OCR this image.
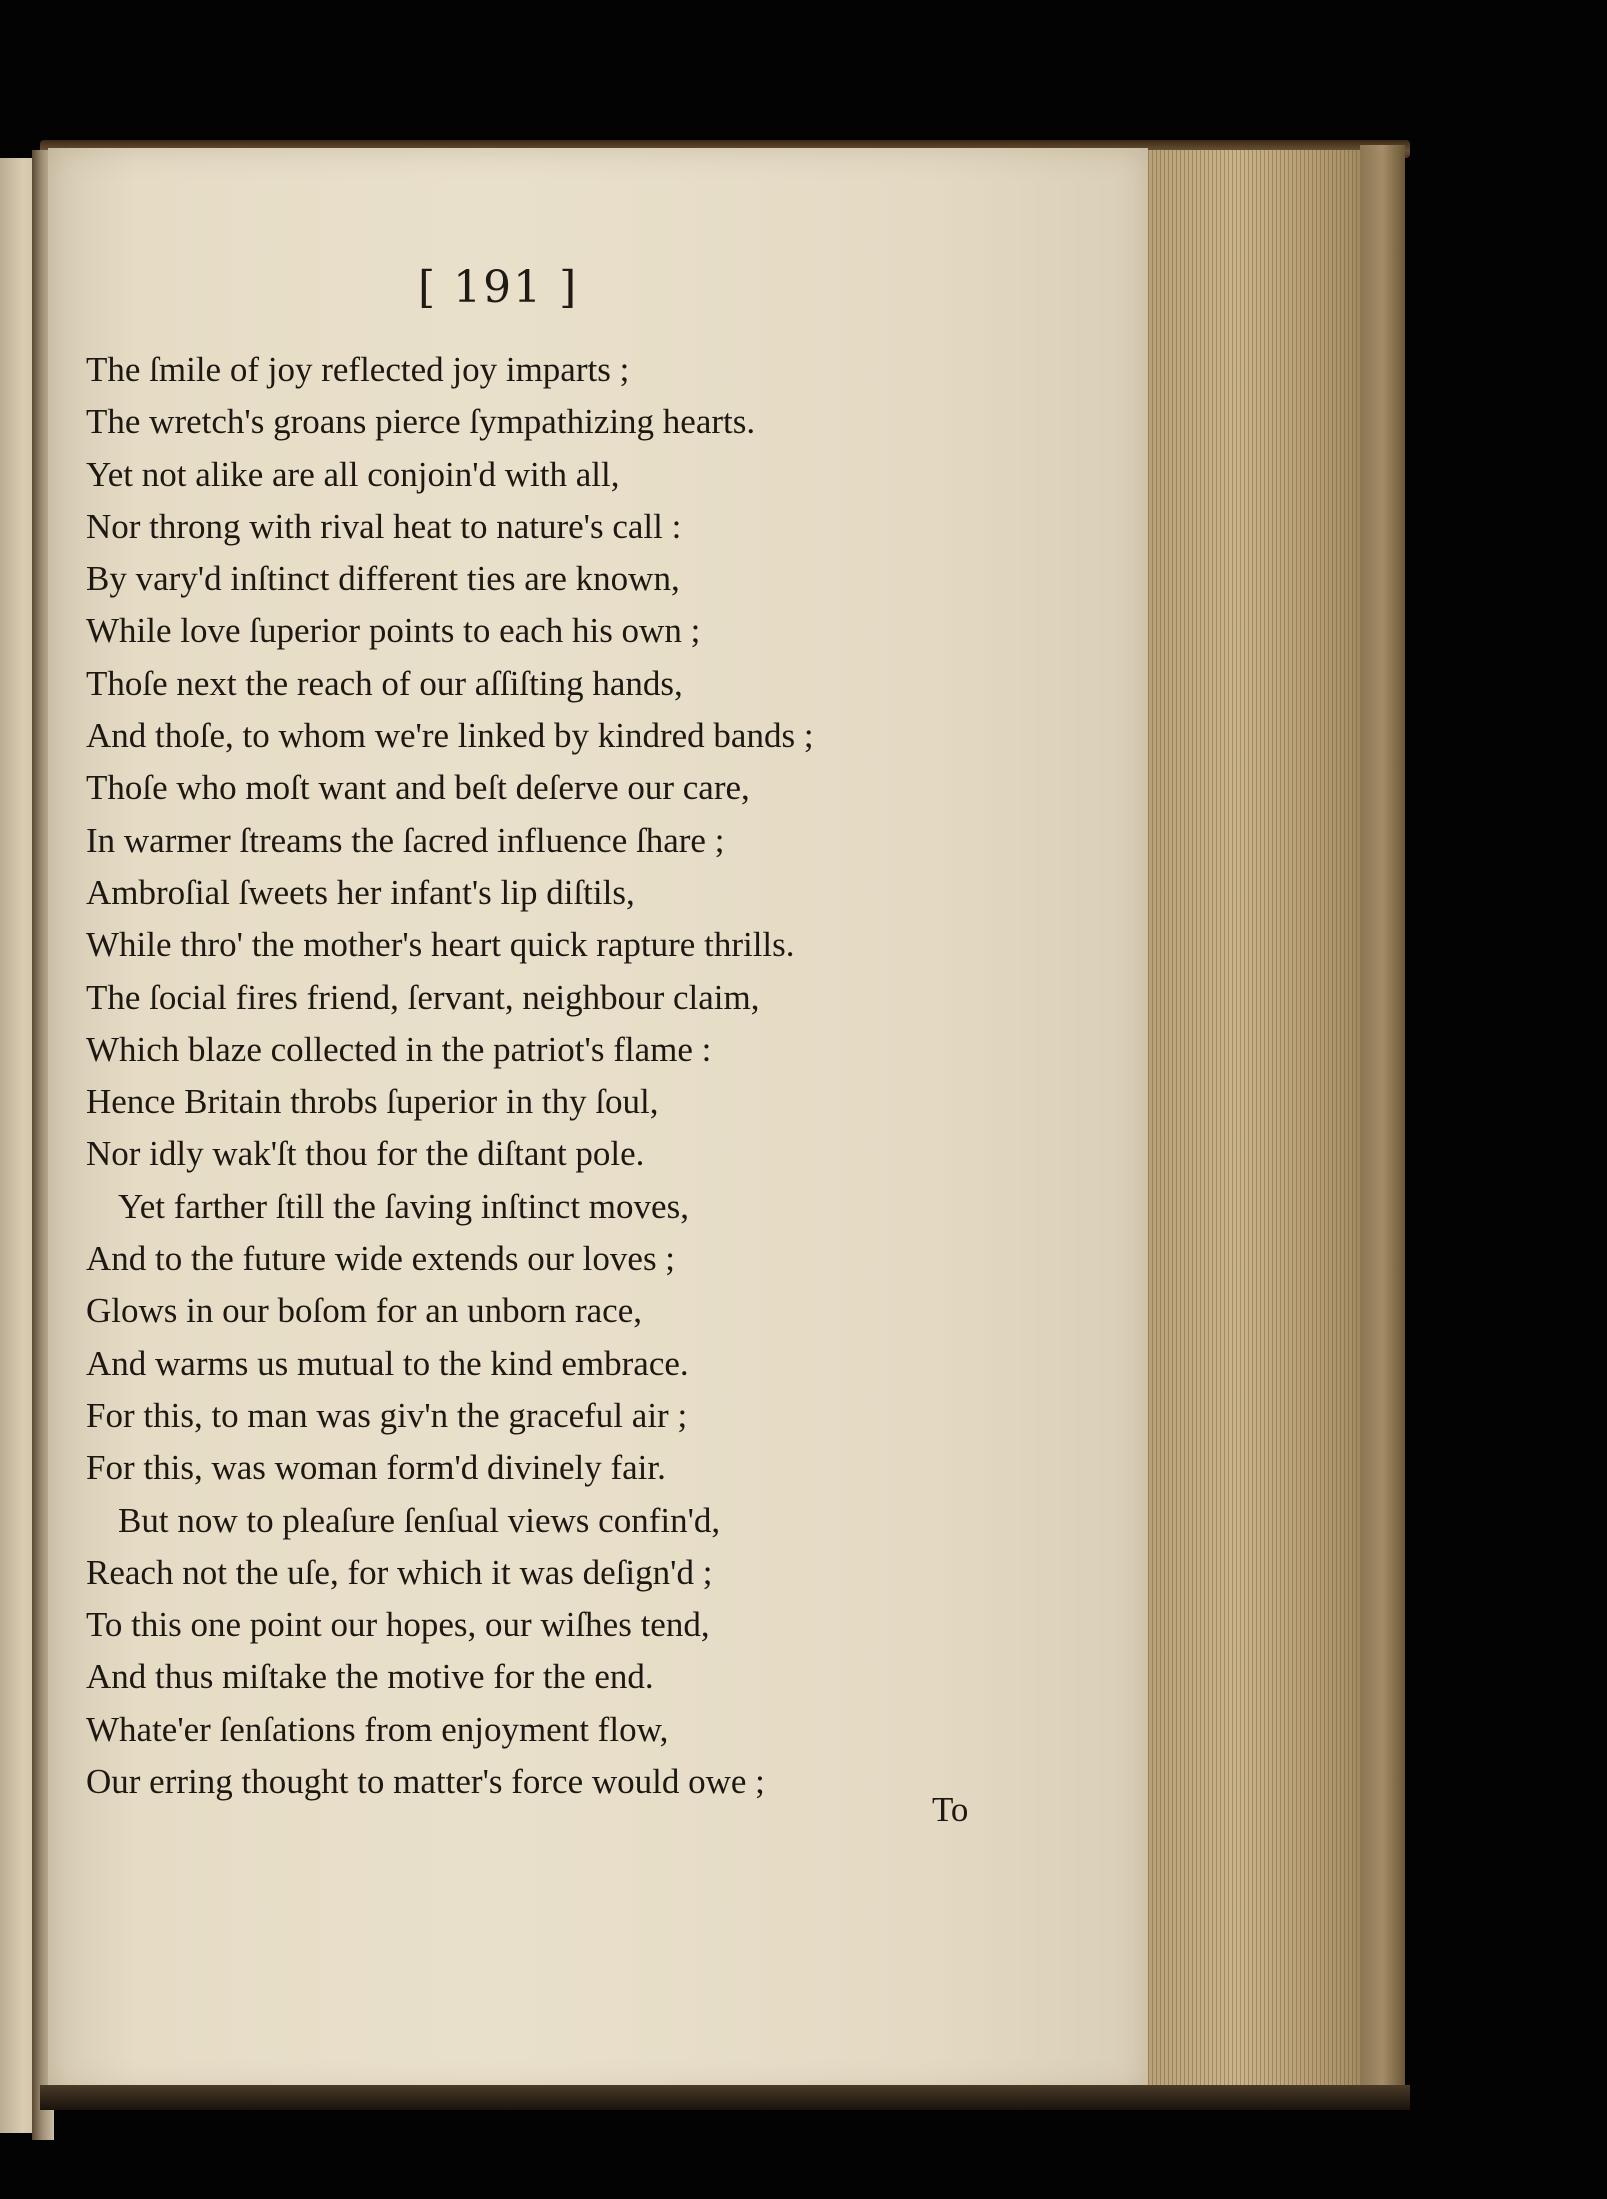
[ 191 ]
The ſmile of joy reflected joy imparts ;
The wretch's groans pierce ſympathizing hearts.
Yet not alike are all conjoin'd with all,
Nor throng with rival heat to nature's call :
By vary'd inſtinct different ties are known,
While love ſuperior points to each his own ;
Thoſe next the reach of our aſſiſting hands,
And thoſe, to whom we're linked by kindred bands ;
Thoſe who moſt want and beſt deſerve our care,
In warmer ſtreams the ſacred influence ſhare ;
Ambroſial ſweets her infant's lip diſtils,
While thro' the mother's heart quick rapture thrills.
The ſocial fires friend, ſervant, neighbour claim,
Which blaze collected in the patriot's flame :
Hence Britain throbs ſuperior in thy ſoul,
Nor idly wak'ſt thou for the diſtant pole.
Yet farther ſtill the ſaving inſtinct moves,
And to the future wide extends our loves ;
Glows in our boſom for an unborn race,
And warms us mutual to the kind embrace.
For this, to man was giv'n the graceful air ;
For this, was woman form'd divinely fair.
But now to pleaſure ſenſual views confin'd,
Reach not the uſe, for which it was deſign'd ;
To this one point our hopes, our wiſhes tend,
And thus miſtake the motive for the end.
Whate'er ſenſations from enjoyment flow,
Our erring thought to matter's force would owe ;
To
